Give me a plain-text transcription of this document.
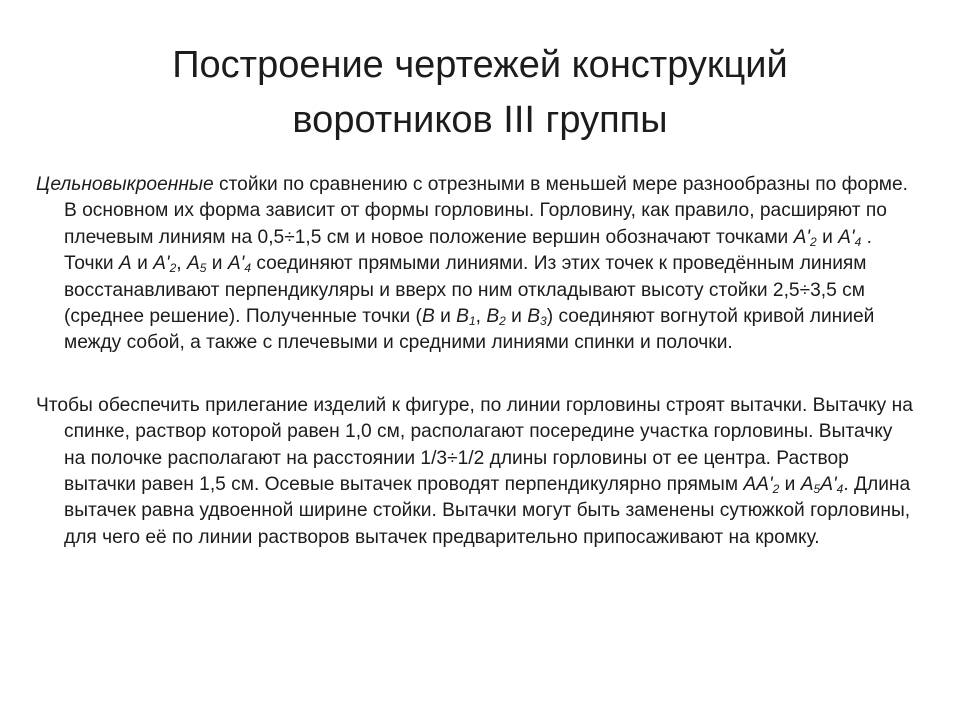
Построение чертежей конструкций
воротников III группы

Цельновыкроенные стойки по сравнению с отрезными в меньшей мере разнообразны по форме. В основном их форма зависит от формы горловины. Горловину, как правило, расширяют по плечевым линиям на 0,5÷1,5 см и новое положение вершин обозначают точками $A'_2$ и $A'_4$ . Точки A и $A'_2$, $A_5$ и $A'_4$ соединяют прямыми линиями. Из этих точек к проведённым линиям восстанавливают перпендикуляры и вверх по ним откладывают высоту стойки 2,5÷3,5 см (среднее решение). Полученные точки (B и $B_1$, $B_2$ и $B_3$) соединяют вогнутой кривой линией между собой, а также с плечевыми и средними линиями спинки и полочки.

Чтобы обеспечить прилегание изделий к фигуре, по линии горловины строят вытачки. Вытачку на спинке, раствор которой равен 1,0 см, располагают посередине участка горловины. Вытачку на полочке располагают на расстоянии 1/3÷1/2 длины горловины от ее центра. Раствор вытачки равен 1,5 см. Осевые вытачек проводят перпендикулярно прямым $AA'_2$ и $A_5A'_4$. Длина вытачек равна удвоенной ширине стойки. Вытачки могут быть заменены сутюжкой горловины, для чего её по линии растворов вытачек предварительно припосаживают на кромку.
